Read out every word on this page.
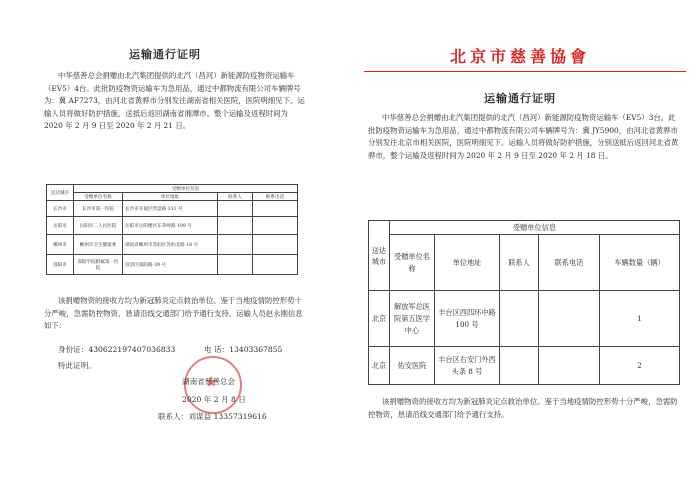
运输通行证明
中华慈善总会捐赠由北汽集团提供的北汽（昌河）新能源防疫物资运输车（EV5）4台。此批防疫物资运输车为急用品，通过中都物流有限公司车辆牌号为：冀 AF7273，由河北省黄骅市分别发往湖南省相关医院，医院明细见下。运输人员将做好防护措施，送抵后返回湖南省湘潭市。整个运输及返程时间为 2020 年 2 月 9 日至 2020 年 2 月 21 日。
送达城市	受赠单位信息			
	受赠单位名称	单位地址	联系人	联系电话
长沙市	长沙市第一医院	长沙市开福区营盘路 311 号		
岳阳市	岳阳市二人民医院	岳阳市岳阳楼区东茅岭路 199 号		
郴州市	郴州市卫生健康委	湖南省郴州市苏仙区苏仙北路 18 号		
邵阳市	邵阳学院附属第一医院	双清区邵阳路 39 号		
该捐赠物资的接收方均为新冠肺炎定点救治单位。鉴于当地疫情防控形势十分严峻，急需防控物资，恳请沿线交通部门给予通行支持。运输人员赵永刚信息如下：
身份证：430622197407036833	电 话：13403367855
特此证明。
★
湖南省慈善总会
2020 年 2 月 8 日
联系人：刘谋益 13357319616
北京市慈善協會
运输通行证明
中华慈善总会捐赠由北汽集团提供的北汽（昌河）新能源防疫物资运输车（EV5）3台。此批防疫物资运输车为急用品，通过中都物流有限公司车辆牌号为：冀 JY5900，由河北省黄骅市分别发往北京市相关医院，医院明细见下。运输人员将做好防护措施，分别送抵后返回河北省黄骅市，整个运输及返程时间为 2020 年 2 月 9 日至 2020 年 2 月 18 日。
送达城市	受赠单位信息				
	受赠单位名称	单位地址	联系人	联系电话	车辆数量（辆）
北京	解放军总医院第五医学中心	丰台区西四环中路 100 号			1
北京	佑安医院	丰台区右安门外西头条 8 号			2
该捐赠物资的接收方均为新冠肺炎定点救治单位。鉴于当地疫情防控形势十分严峻，急需防控物资，恳请沿线交通部门给予通行支持。
